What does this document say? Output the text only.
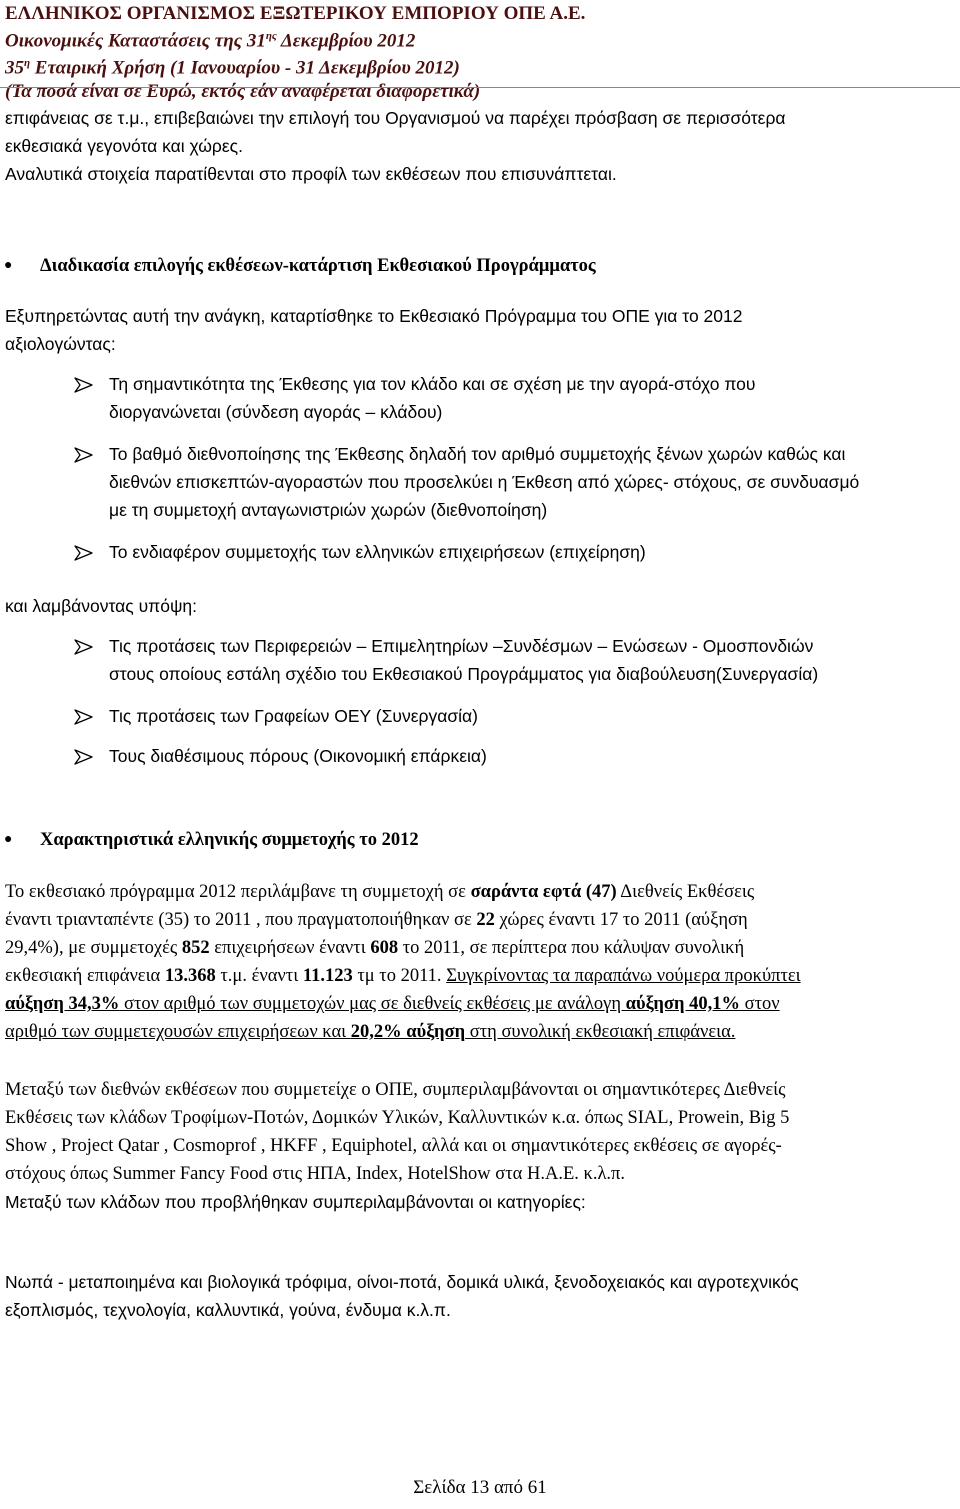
ΕΛΛΗΝΙΚΟΣ ΟΡΓΑΝΙΣΜΟΣ ΕΞΩΤΕΡΙΚΟΥ ΕΜΠΟΡΙΟΥ ΟΠΕ Α.Ε.
Οικονομικές Καταστάσεις της $31^{\eta\varsigma}$ Δεκεμβρίου 2012
$35^\eta$ Εταιρική Χρήση (1 Ιανουαρίου - 31 Δεκεμβρίου 2012)
(Τα ποσά είναι σε Ευρώ, εκτός εάν αναφέρεται διαφορετικά)
επιφάνειας σε τ.μ., επιβεβαιώνει την επιλογή του Οργανισμού να παρέχει πρόσβαση σε περισσότερα
εκθεσιακά γεγονότα και χώρες.
Αναλυτικά στοιχεία παρατίθενται στο προφίλ των εκθέσεων που επισυνάπτεται.
● Διαδικασία επιλογής εκθέσεων-κατάρτιση Εκθεσιακού Προγράμματος
Εξυπηρετώντας αυτή την ανάγκη, καταρτίσθηκε το Εκθεσιακό Πρόγραμμα του ΟΠΕ για το 2012
αξιολογώντας:
Τη σημαντικότητα της Έκθεσης για τον κλάδο και σε σχέση με την αγορά-στόχο που
διοργανώνεται (σύνδεση αγοράς – κλάδου)
Το βαθμό διεθνοποίησης της Έκθεσης δηλαδή τον αριθμό συμμετοχής ξένων χωρών καθώς και
διεθνών επισκεπτών-αγοραστών που προσελκύει η Έκθεση από χώρες- στόχους, σε συνδυασμό
με τη συμμετοχή ανταγωνιστριών χωρών (διεθνοποίηση)
Το ενδιαφέρον συμμετοχής των ελληνικών επιχειρήσεων (επιχείρηση)
και λαμβάνοντας υπόψη:
Τις προτάσεις των Περιφερειών – Επιμελητηρίων –Συνδέσμων – Ενώσεων - Ομοσπονδιών
στους οποίους εστάλη σχέδιο του Εκθεσιακού Προγράμματος για διαβούλευση(Συνεργασία)
Τις προτάσεις των Γραφείων ΟΕΥ (Συνεργασία)
Τους διαθέσιμους πόρους (Οικονομική επάρκεια)
● Χαρακτηριστικά ελληνικής συμμετοχής το 2012
Το εκθεσιακό πρόγραμμα 2012 περιλάμβανε τη συμμετοχή σε σαράντα εφτά (47) Διεθνείς Εκθέσεις
έναντι τριανταπέντε (35) το 2011 , που πραγματοποιήθηκαν σε 22 χώρες έναντι 17 το 2011 (αύξηση
29,4%), με συμμετοχές 852 επιχειρήσεων έναντι 608 το 2011, σε περίπτερα που κάλυψαν συνολική
εκθεσιακή επιφάνεια 13.368 τ.μ. έναντι 11.123 τμ το 2011. Συγκρίνοντας τα παραπάνω νούμερα προκύπτει
αύξηση 34,3% στον αριθμό των συμμετοχών μας σε διεθνείς εκθέσεις με ανάλογη αύξηση 40,1% στον
αριθμό των συμμετεχουσών επιχειρήσεων και 20,2% αύξηση στη συνολική εκθεσιακή επιφάνεια.
Μεταξύ των διεθνών εκθέσεων που συμμετείχε ο ΟΠΕ, συμπεριλαμβάνονται οι σημαντικότερες Διεθνείς
Εκθέσεις των κλάδων Τροφίμων-Ποτών, Δομικών Υλικών, Καλλυντικών κ.α. όπως SIAL, Prowein, Big 5
Show , Project Qatar , Cosmoprof , HKFF , Equiphotel, αλλά και οι σημαντικότερες εκθέσεις σε αγορές-
στόχους όπως Summer Fancy Food στις ΗΠΑ, Index, HotelShow στα Η.Α.Ε. κ.λ.π.
Μεταξύ των κλάδων που προβλήθηκαν συμπεριλαμβάνονται οι κατηγορίες:
Νωπά - μεταποιημένα και βιολογικά τρόφιμα, οίνοι-ποτά, δομικά υλικά, ξενοδοχειακός και αγροτεχνικός
εξοπλισμός, τεχνολογία, καλλυντικά, γούνα, ένδυμα κ.λ.π.
Σελίδα 13 από 61
